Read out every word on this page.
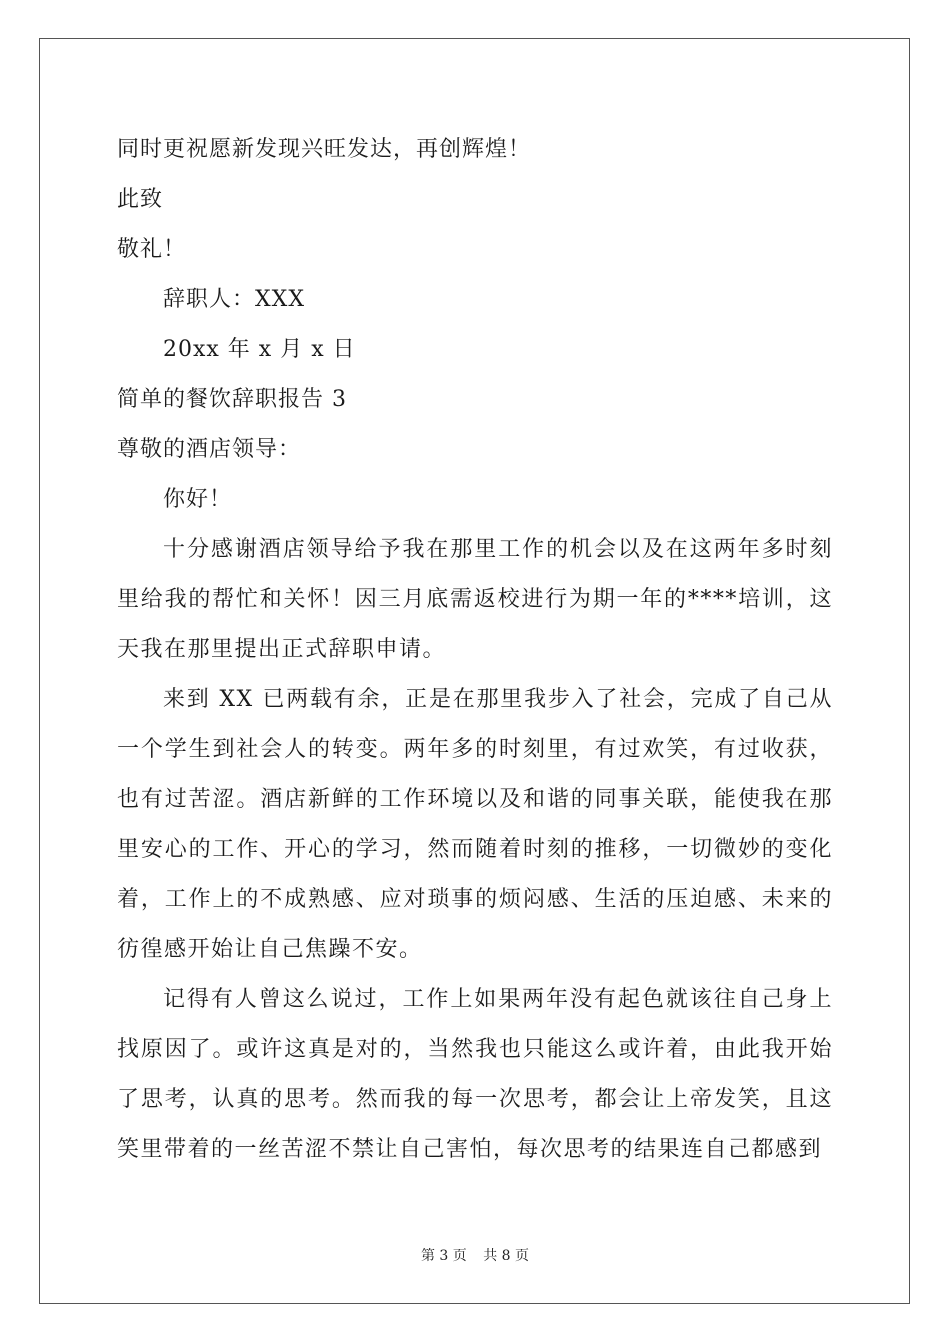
同时更祝愿新发现兴旺发达，再创辉煌！
此致
敬礼！
辞职人：XXX
20xx 年 x 月 x 日
简单的餐饮辞职报告 3
尊敬的酒店领导：
你好！
十分感谢酒店领导给予我在那里工作的机会以及在这两年多时刻里给我的帮忙和关怀！因三月底需返校进行为期一年的****培训，这天我在那里提出正式辞职申请。
来到 XX 已两载有余，正是在那里我步入了社会，完成了自己从一个学生到社会人的转变。两年多的时刻里，有过欢笑，有过收获，也有过苦涩。酒店新鲜的工作环境以及和谐的同事关联，能使我在那里安心的工作、开心的学习，然而随着时刻的推移，一切微妙的变化着，工作上的不成熟感、应对琐事的烦闷感、生活的压迫感、未来的彷徨感开始让自己焦躁不安。
记得有人曾这么说过，工作上如果两年没有起色就该往自己身上找原因了。或许这真是对的，当然我也只能这么或许着，由此我开始了思考，认真的思考。然而我的每一次思考，都会让上帝发笑，且这笑里带着的一丝苦涩不禁让自己害怕，每次思考的结果连自己都感到
第 3 页 共 8 页
